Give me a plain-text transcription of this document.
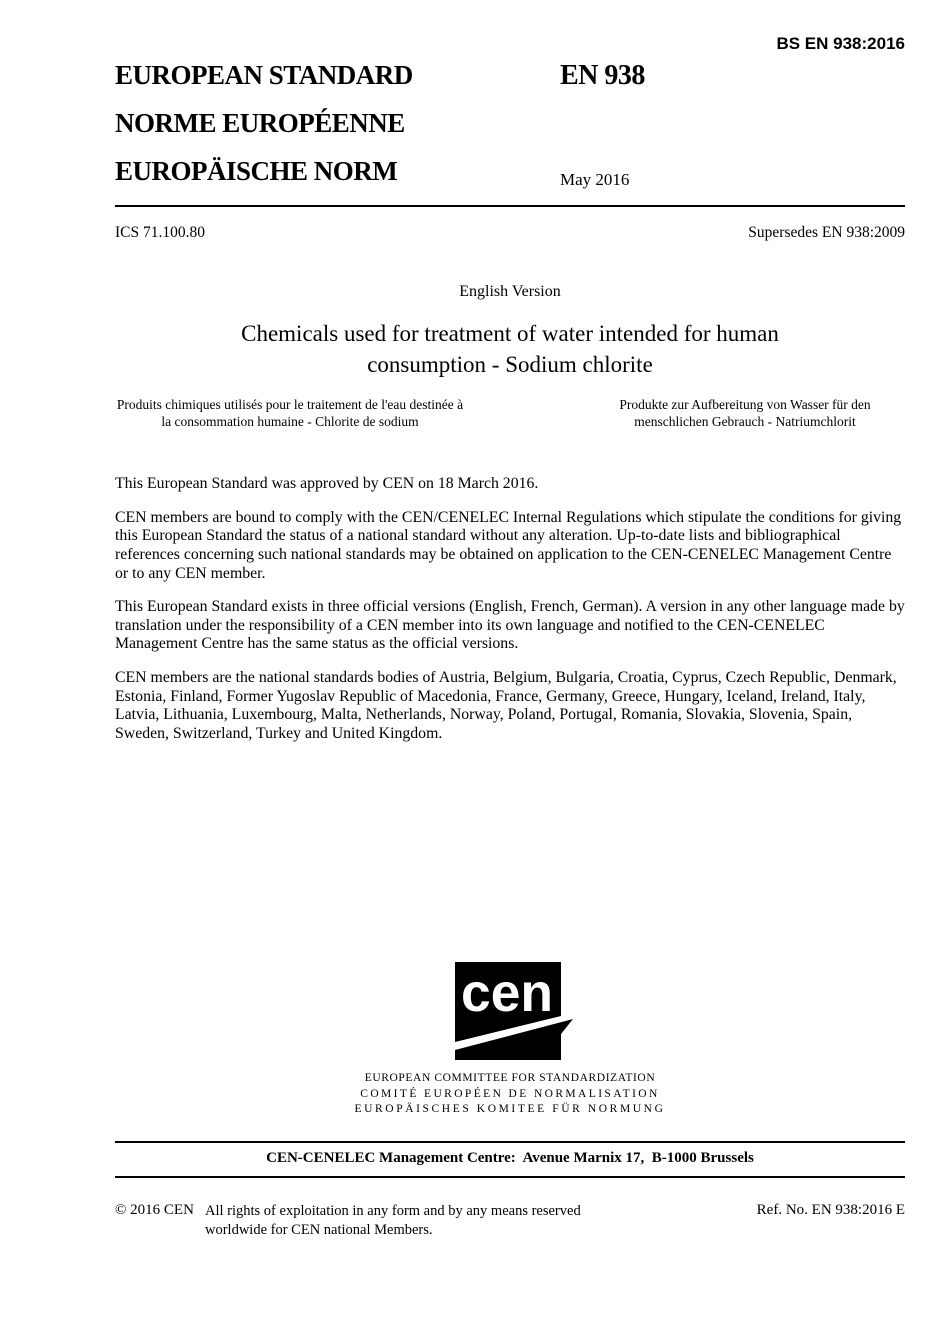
BS EN 938:2016
EUROPEAN STANDARD
NORME EUROPÉENNE
EUROPÄISCHE NORM
EN 938
May 2016
ICS 71.100.80	Supersedes EN 938:2009
English Version
Chemicals used for treatment of water intended for human consumption - Sodium chlorite
Produits chimiques utilisés pour le traitement de l'eau destinée à la consommation humaine - Chlorite de sodium
Produkte zur Aufbereitung von Wasser für den menschlichen Gebrauch - Natriumchlorit

This European Standard was approved by CEN on 18 March 2016.

CEN members are bound to comply with the CEN/CENELEC Internal Regulations which stipulate the conditions for giving this European Standard the status of a national standard without any alteration. Up-to-date lists and bibliographical references concerning such national standards may be obtained on application to the CEN-CENELEC Management Centre or to any CEN member.

This European Standard exists in three official versions (English, French, German). A version in any other language made by translation under the responsibility of a CEN member into its own language and notified to the CEN-CENELEC Management Centre has the same status as the official versions.

CEN members are the national standards bodies of Austria, Belgium, Bulgaria, Croatia, Cyprus, Czech Republic, Denmark, Estonia, Finland, Former Yugoslav Republic of Macedonia, France, Germany, Greece, Hungary, Iceland, Ireland, Italy, Latvia, Lithuania, Luxembourg, Malta, Netherlands, Norway, Poland, Portugal, Romania, Slovakia, Slovenia, Spain, Sweden, Switzerland, Turkey and United Kingdom.

cen
EUROPEAN COMMITTEE FOR STANDARDIZATION
COMITÉ EUROPÉEN DE NORMALISATION
EUROPÄISCHES KOMITEE FÜR NORMUNG
CEN-CENELEC Management Centre:  Avenue Marnix 17,  B-1000 Brussels
© 2016 CEN All rights of exploitation in any form and by any means reserved worldwide for CEN national Members.
Ref. No. EN 938:2016 E
